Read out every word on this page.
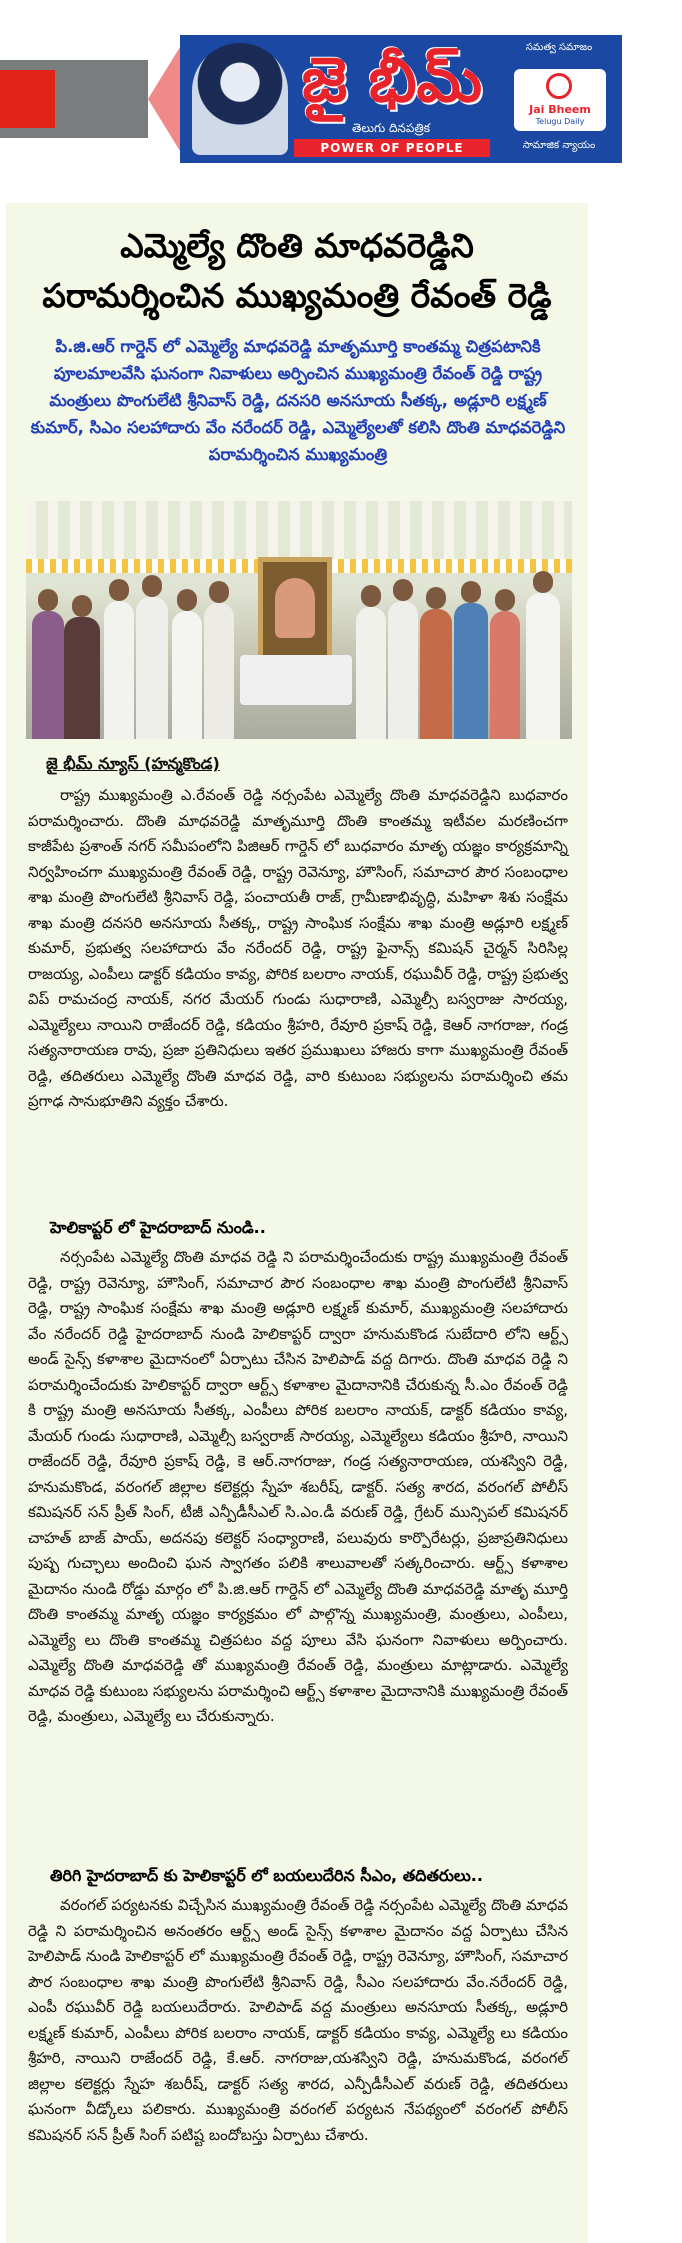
జై భీమ్
తెలుగు దినపత్రిక
POWER OF PEOPLE
సమత్వ సమాజం
Jai Bheem
Telugu Daily
సామాజిక న్యాయం
ఎమ్మెల్యే దొంతి మాధవరెడ్డిని
పరామర్శించిన ముఖ్యమంత్రి రేవంత్ రెడ్డి
పి.జి.ఆర్ గార్డెన్ లో ఎమ్మెల్యే మాధవరెడ్డి మాతృమూర్తి కాంతమ్మ చిత్రపటానికి పూలమాలవేసి ఘనంగా నివాళులు అర్పించిన ముఖ్యమంత్రి రేవంత్ రెడ్డి రాష్ట్ర మంత్రులు పొంగులేటి శ్రీనివాస్ రెడ్డి, దనసరి అనసూయ సీతక్క, అడ్లూరి లక్ష్మణ్ కుమార్, సిఎం సలహాదారు వేం నరేందర్ రెడ్డి, ఎమ్మెల్యేలతో కలిసి దొంతి మాధవరెడ్డిని పరామర్శించిన ముఖ్యమంత్రి
జై భీమ్ న్యూస్ (హన్మకొండ)
రాష్ట్ర ముఖ్యమంత్రి ఎ.రేవంత్ రెడ్డి నర్సంపేట ఎమ్మెల్యే దొంతి మాధవరెడ్డిని బుధవారం పరామర్శించారు. దొంతి మాధవరెడ్డి మాతృమూర్తి దొంతి కాంతమ్మ ఇటీవల మరణించగా కాజీపేట ప్రశాంత్ నగర్ సమీపంలోని పిజిఆర్ గార్డెన్ లో బుధవారం మాతృ యజ్ఞం కార్యక్రమాన్ని నిర్వహించగా ముఖ్యమంత్రి రేవంత్ రెడ్డి, రాష్ట్ర రెవెన్యూ, హౌసింగ్, సమాచార పౌర సంబంధాల శాఖ మంత్రి పొంగులేటి శ్రీనివాస్ రెడ్డి, పంచాయతీ రాజ్, గ్రామీణాభివృద్ధి, మహిళా శిశు సంక్షేమ శాఖ మంత్రి దనసరి అనసూయ సీతక్క, రాష్ట్ర సాంఘిక సంక్షేమ శాఖ మంత్రి అడ్లూరి లక్ష్మణ్ కుమార్, ప్రభుత్వ సలహాదారు వేం నరేందర్ రెడ్డి, రాష్ట్ర ఫైనాన్స్ కమిషన్ చైర్మన్ సిరిసిల్ల రాజయ్య, ఎంపీలు డాక్టర్ కడియం కావ్య, పోరిక బలరాం నాయక్, రఘువీర్ రెడ్డి, రాష్ట్ర ప్రభుత్వ విప్ రామచంద్ర నాయక్, నగర మేయర్ గుండు సుధారాణి, ఎమ్మెల్సీ బస్వరాజు సారయ్య, ఎమ్మెల్యేలు నాయిని రాజేందర్ రెడ్డి, కడియం శ్రీహరి, రేవూరి ప్రకాష్ రెడ్డి, కెఆర్ నాగరాజు, గండ్ర సత్యనారాయణ రావు, ప్రజా ప్రతినిధులు ఇతర ప్రముఖులు హాజరు కాగా ముఖ్యమంత్రి రేవంత్ రెడ్డి, తదితరులు ఎమ్మెల్యే దొంతి మాధవ రెడ్డి, వారి కుటుంబ సభ్యులను పరామర్శించి తమ ప్రగాఢ సానుభూతిని వ్యక్తం చేశారు.
హెలికాప్టర్ లో హైదరాబాద్ నుండి..
నర్సంపేట ఎమ్మెల్యే దొంతి మాధవ రెడ్డి ని పరామర్శించేందుకు రాష్ట్ర ముఖ్యమంత్రి రేవంత్ రెడ్డి, రాష్ట్ర రెవెన్యూ, హౌసింగ్, సమాచార పౌర సంబంధాల శాఖ మంత్రి పొంగులేటి శ్రీనివాస్ రెడ్డి, రాష్ట్ర సాంఘిక సంక్షేమ శాఖ మంత్రి అడ్లూరి లక్ష్మణ్ కుమార్, ముఖ్యమంత్రి సలహాదారు వేం నరేందర్ రెడ్డి హైదరాబాద్ నుండి హెలికాప్టర్ ద్వారా హనుమకొండ సుబేదారి లోని ఆర్ట్స్ అండ్ సైన్స్ కళాశాల మైదానంలో ఏర్పాటు చేసిన హెలిపాడ్ వద్ద దిగారు. దొంతి మాధవ రెడ్డి ని పరామర్శించేందుకు హెలికాప్టర్ ద్వారా ఆర్ట్స్ కళాశాల మైదానానికి చేరుకున్న సీ.ఎం రేవంత్ రెడ్డి కి రాష్ట్ర మంత్రి అనసూయ సీతక్క, ఎంపీలు పోరిక బలరాం నాయక్, డాక్టర్ కడియం కావ్య, మేయర్ గుండు సుధారాణి, ఎమ్మెల్సీ బస్వరాజ్ సారయ్య, ఎమ్మెల్యేలు కడియం శ్రీహరి, నాయిని రాజేందర్ రెడ్డి, రేవూరి ప్రకాష్ రెడ్డి, కె ఆర్.నాగరాజు, గండ్ర సత్యనారాయణ, యశస్విని రెడ్డి, హనుమకొండ, వరంగల్ జిల్లాల కలెక్టర్లు స్నేహ శబరీష్, డాక్టర్. సత్య శారద, వరంగల్ పోలీస్ కమిషనర్ సన్ ప్రీత్ సింగ్, టీజీ ఎన్పీడీసీఎల్ సి.ఎం.డీ వరుణ్ రెడ్డి, గ్రేటర్ మున్సిపల్ కమిషనర్ చాహత్ బాజ్ పాయ్, అదనపు కలెక్టర్ సంధ్యారాణి, పలువురు కార్పొరేటర్లు, ప్రజాప్రతినిధులు పుష్ప గుచ్ఛాలు అందించి ఘన స్వాగతం పలికి శాలువాలతో సత్కరించారు. ఆర్ట్స్ కళాశాల మైదానం నుండి రోడ్డు మార్గం లో పి.జి.ఆర్ గార్డెన్ లో ఎమ్మెల్యే దొంతి మాధవరెడ్డి మాతృ మూర్తి దొంతి కాంతమ్మ మాతృ యజ్ఞం కార్యక్రమం లో పాల్గొన్న ముఖ్యమంత్రి, మంత్రులు, ఎంపీలు, ఎమ్మెల్యే లు దొంతి కాంతమ్మ చిత్రపటం వద్ద పూలు వేసి ఘనంగా నివాళులు అర్పించారు. ఎమ్మెల్యే దొంతి మాధవరెడ్డి తో ముఖ్యమంత్రి రేవంత్ రెడ్డి, మంత్రులు మాట్లాడారు. ఎమ్మెల్యే మాధవ రెడ్డి కుటుంబ సభ్యులను పరామర్శించి ఆర్ట్స్ కళాశాల మైదానానికి ముఖ్యమంత్రి రేవంత్ రెడ్డి, మంత్రులు, ఎమ్మెల్యే లు చేరుకున్నారు.
తిరిగి హైదరాబాద్ కు హెలికాప్టర్ లో బయలుదేరిన సీఎం, తదితరులు..
వరంగల్ పర్యటనకు విచ్చేసిన ముఖ్యమంత్రి రేవంత్ రెడ్డి నర్సంపేట ఎమ్మెల్యే దొంతి మాధవ రెడ్డి ని పరామర్శించిన అనంతరం ఆర్ట్స్ అండ్ సైన్స్ కళాశాల మైదానం వద్ద ఏర్పాటు చేసిన హెలిపాడ్ నుండి హెలికాప్టర్ లో ముఖ్యమంత్రి రేవంత్ రెడ్డి, రాష్ట్ర రెవెన్యూ, హౌసింగ్, సమాచార పౌర సంబంధాల శాఖ మంత్రి పొంగులేటి శ్రీనివాస్ రెడ్డి, సీఎం సలహాదారు వేం.నరేందర్ రెడ్డి, ఎంపీ రఘువీర్ రెడ్డి బయలుదేరారు. హెలిపాడ్ వద్ద మంత్రులు అనసూయ సీతక్క, అడ్లూరి లక్ష్మణ్ కుమార్, ఎంపీలు పోరిక బలరాం నాయక్, డాక్టర్ కడియం కావ్య, ఎమ్మెల్యే లు కడియం శ్రీహరి, నాయిని రాజేందర్ రెడ్డి, కే.ఆర్. నాగరాజు,యశస్విని రెడ్డి, హనుమకొండ, వరంగల్ జిల్లాల కలెక్టర్లు స్నేహ శబరీష్, డాక్టర్ సత్య శారద, ఎన్పీడీసీఎల్ వరుణ్ రెడ్డి, తదితరులు ఘనంగా వీడ్కోలు పలికారు. ముఖ్యమంత్రి వరంగల్ పర్యటన నేపథ్యంలో వరంగల్ పోలీస్ కమిషనర్ సన్ ప్రీత్ సింగ్ పటిష్ట బందోబస్తు ఏర్పాటు చేశారు.
